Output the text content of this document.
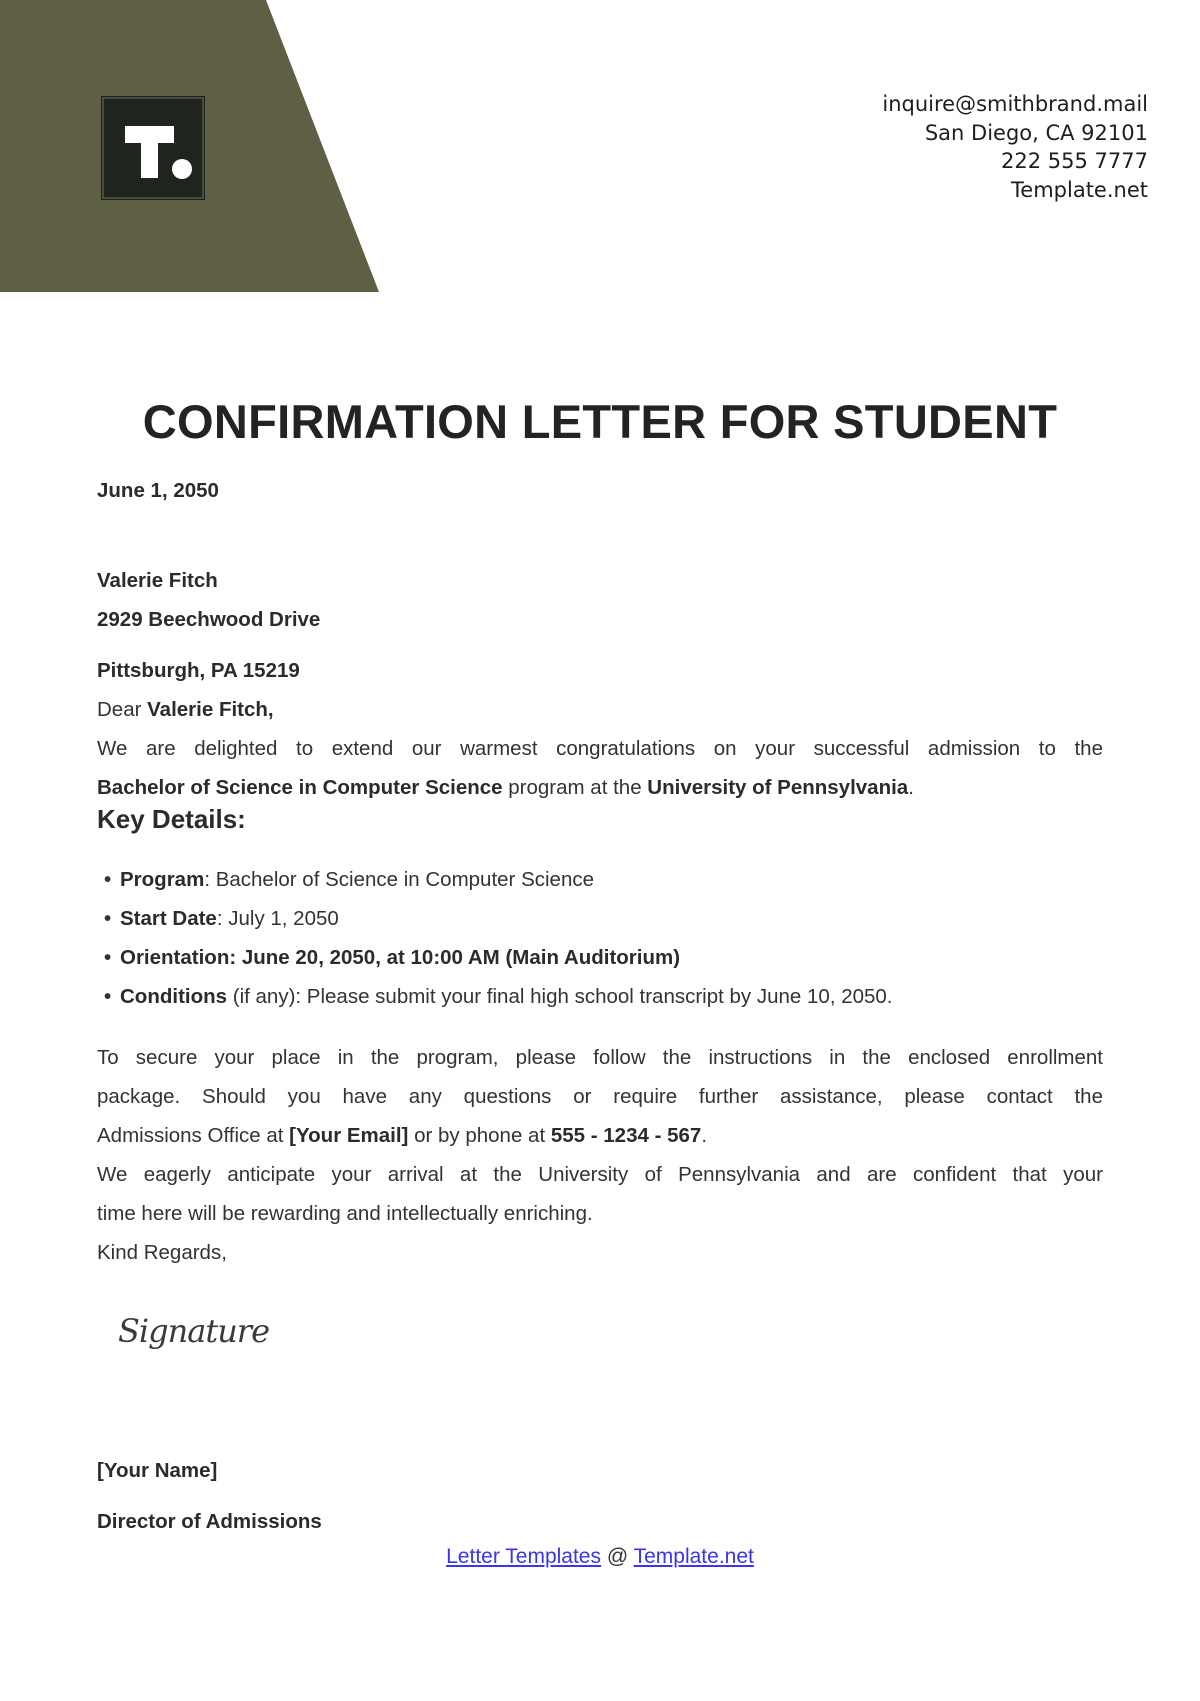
inquire@smithbrand.mail
San Diego, CA 92101
222 555 7777
Template.net
CONFIRMATION LETTER FOR STUDENT
June 1, 2050
Valerie Fitch
2929 Beechwood Drive
Pittsburgh, PA 15219
Dear Valerie Fitch,
We are delighted to extend our warmest congratulations on your successful admission to the
Bachelor of Science in Computer Science program at the University of Pennsylvania.
Key Details:
• Program: Bachelor of Science in Computer Science
• Start Date: July 1, 2050
• Orientation: June 20, 2050, at 10:00 AM (Main Auditorium)
• Conditions (if any): Please submit your final high school transcript by June 10, 2050.
To secure your place in the program, please follow the instructions in the enclosed enrollment
package. Should you have any questions or require further assistance, please contact the
Admissions Office at [Your Email] or by phone at 555 - 1234 - 567.
We eagerly anticipate your arrival at the University of Pennsylvania and are confident that your
time here will be rewarding and intellectually enriching.
Kind Regards,
Signature
[Your Name]
Director of Admissions
Letter Templates @ Template.net
